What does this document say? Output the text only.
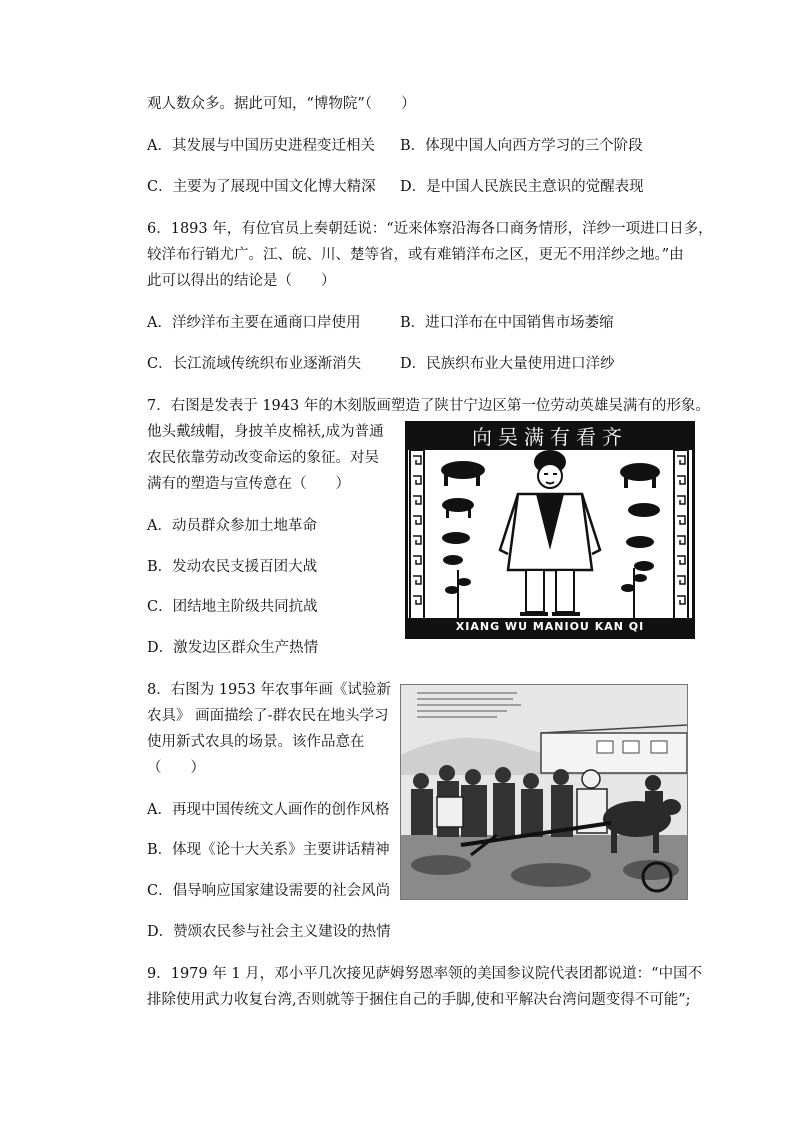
观人数众多。据此可知，“博物院”（　　）
A．其发展与中国历史进程变迁相关 B．体现中国人向西方学习的三个阶段
C．主要为了展现中国文化博大精深 D．是中国人民族民主意识的觉醒表现
6．1893 年，有位官员上奏朝廷说：“近来体察沿海各口商务情形，洋纱一项进口日多，
较洋布行销尤广。江、皖、川、楚等省，或有难销洋布之区，更无不用洋纱之地。”由
此可以得出的结论是（　　）
A．洋纱洋布主要在通商口岸使用	B．进口洋布在中国销售市场萎缩
C．长江流域传统织布业逐渐消失	D．民族织布业大量使用进口洋纱
7．右图是发表于 1943 年的木刻版画塑造了陕甘宁边区第一位劳动英雄吴满有的形象。
他头戴绒帽，身披羊皮棉袄,成为普通
农民依靠劳动改变命运的象征。对吴
满有的塑造与宣传意在（　　）
A．动员群众参加土地革命
B．发动农民支援百团大战
C．团结地主阶级共同抗战
D．激发边区群众生产热情
向吴满有看齐
XIANG WU MANIOU KAN QI
8．右图为 1953 年农事年画《试验新
农具》 画面描绘了-群农民在地头学习
使用新式农具的场景。该作品意在
（　　）
A．再现中国传统文人画作的创作风格
B．体现《论十大关系》主要讲话精神
C．倡导响应国家建设需要的社会风尚
D．赞颂农民参与社会主义建设的热情
9．1979 年 1 月，邓小平几次接见萨姆努恩率领的美国参议院代表团都说道：“中国不
排除使用武力收复台湾,否则就等于捆住自己的手脚,使和平解决台湾问题变得不可能”;
